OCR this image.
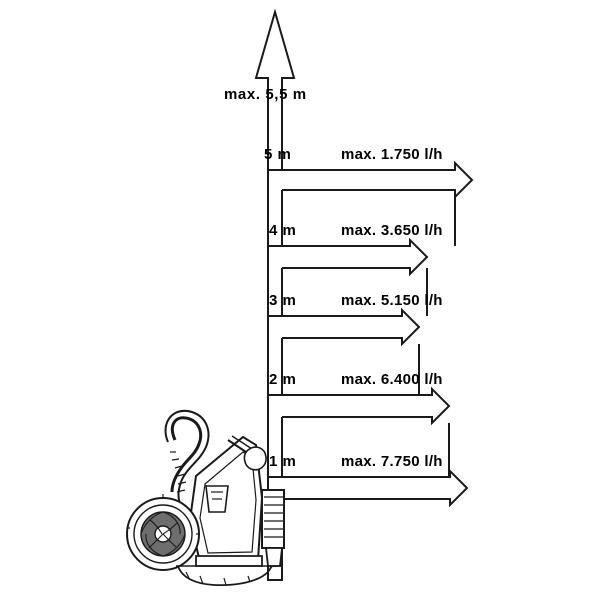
max. 5,5 m
5 m	max. 1.750 l/h
4 m	max. 3.650 l/h
3 m	max. 5.150 l/h
2 m	max. 6.400 l/h
1 m	max. 7.750 l/h
